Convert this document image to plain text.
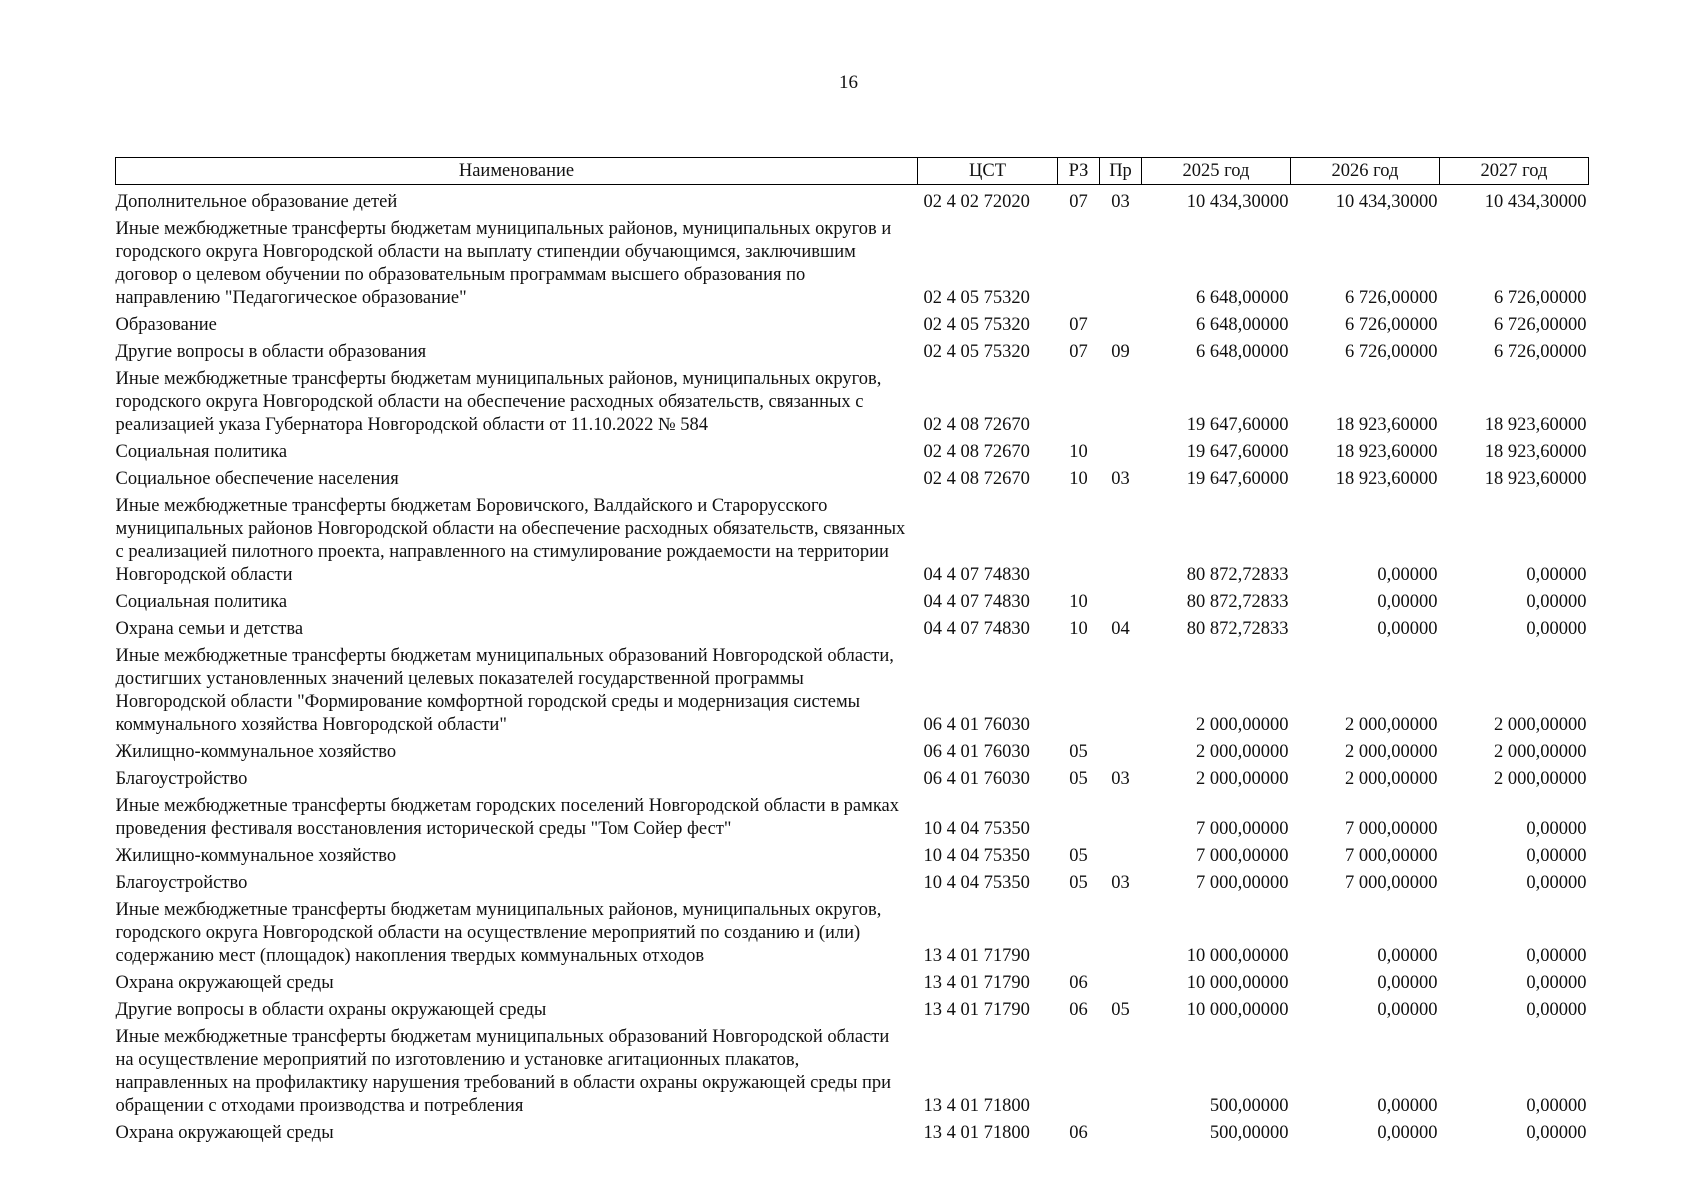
16
Наименование	ЦСТ	РЗ	Пр	2025 год	2026 год	2027 год
Дополнительное образование детей	02 4 02 72020	07	03	10 434,30000	10 434,30000	10 434,30000
Иные межбюджетные трансферты бюджетам муниципальных районов, муниципальных округов и городского округа Новгородской области на выплату стипендии обучающимся, заключившим договор о целевом обучении по образовательным программам высшего образования по направлению "Педагогическое образование"	02 4 05 75320			6 648,00000	6 726,00000	6 726,00000
Образование	02 4 05 75320	07		6 648,00000	6 726,00000	6 726,00000
Другие вопросы в области образования	02 4 05 75320	07	09	6 648,00000	6 726,00000	6 726,00000
Иные межбюджетные трансферты бюджетам муниципальных районов, муниципальных округов, городского округа Новгородской области на обеспечение расходных обязательств, связанных с реализацией указа Губернатора Новгородской области от 11.10.2022 № 584	02 4 08 72670			19 647,60000	18 923,60000	18 923,60000
Социальная политика	02 4 08 72670	10		19 647,60000	18 923,60000	18 923,60000
Социальное обеспечение населения	02 4 08 72670	10	03	19 647,60000	18 923,60000	18 923,60000
Иные межбюджетные трансферты бюджетам Боровичского, Валдайского и Старорусского муниципальных районов Новгородской области на обеспечение расходных обязательств, связанных с реализацией пилотного проекта, направленного на стимулирование рождаемости на территории Новгородской области	04 4 07 74830			80 872,72833	0,00000	0,00000
Социальная политика	04 4 07 74830	10		80 872,72833	0,00000	0,00000
Охрана семьи и детства	04 4 07 74830	10	04	80 872,72833	0,00000	0,00000
Иные межбюджетные трансферты бюджетам муниципальных образований Новгородской области, достигших установленных значений целевых показателей государственной программы Новгородской области "Формирование комфортной городской среды и модернизация системы коммунального хозяйства Новгородской области"	06 4 01 76030			2 000,00000	2 000,00000	2 000,00000
Жилищно-коммунальное хозяйство	06 4 01 76030	05		2 000,00000	2 000,00000	2 000,00000
Благоустройство	06 4 01 76030	05	03	2 000,00000	2 000,00000	2 000,00000
Иные межбюджетные трансферты бюджетам городских поселений Новгородской области в рамках проведения фестиваля восстановления исторической среды "Том Сойер фест"	10 4 04 75350			7 000,00000	7 000,00000	0,00000
Жилищно-коммунальное хозяйство	10 4 04 75350	05		7 000,00000	7 000,00000	0,00000
Благоустройство	10 4 04 75350	05	03	7 000,00000	7 000,00000	0,00000
Иные межбюджетные трансферты бюджетам муниципальных районов, муниципальных округов, городского округа Новгородской области на осуществление мероприятий по созданию и (или) содержанию мест (площадок) накопления твердых коммунальных отходов	13 4 01 71790			10 000,00000	0,00000	0,00000
Охрана окружающей среды	13 4 01 71790	06		10 000,00000	0,00000	0,00000
Другие вопросы в области охраны окружающей среды	13 4 01 71790	06	05	10 000,00000	0,00000	0,00000
Иные межбюджетные трансферты бюджетам муниципальных образований Новгородской области на осуществление мероприятий по изготовлению и установке агитационных плакатов, направленных на профилактику нарушения требований в области охраны окружающей среды при обращении с отходами производства и потребления	13 4 01 71800			500,00000	0,00000	0,00000
Охрана окружающей среды	13 4 01 71800	06		500,00000	0,00000	0,00000
